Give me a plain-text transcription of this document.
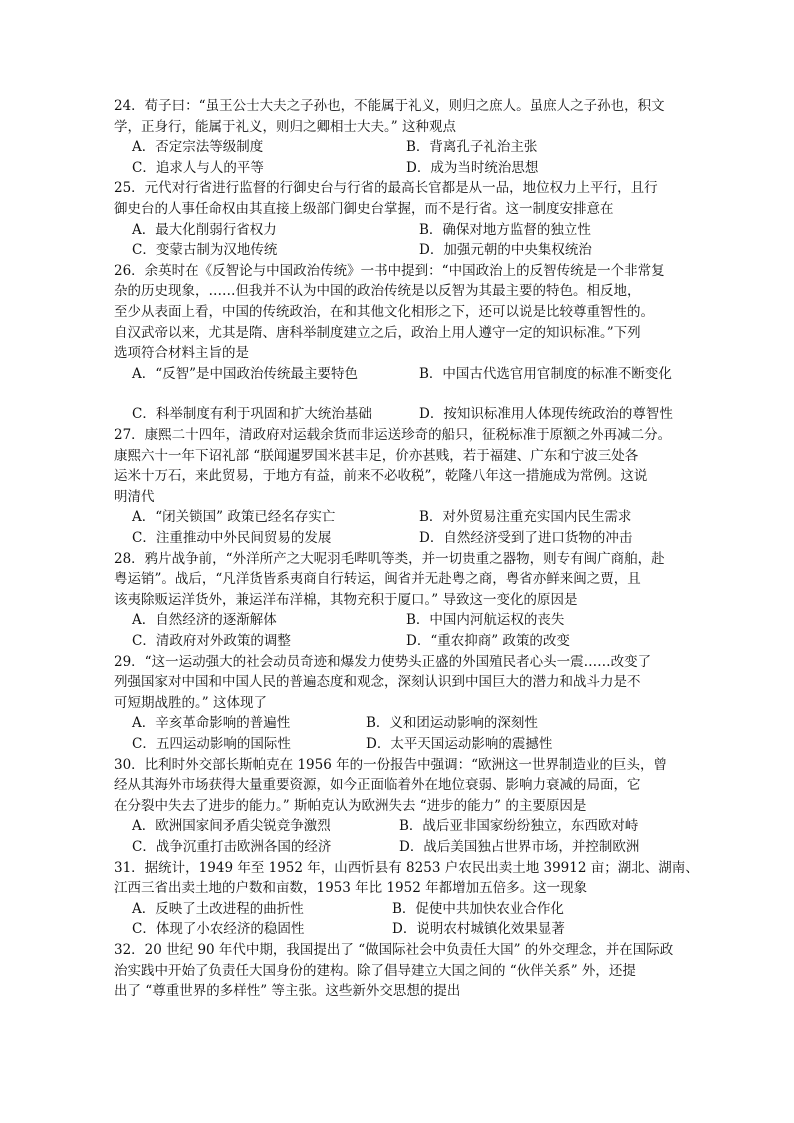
24．荀子曰：“虽王公士大夫之子孙也，不能属于礼义，则归之庶人。虽庶人之子孙也，积文
学，正身行，能属于礼义，则归之卿相士大夫。” 这种观点
A．否定宗法等级制度	B．背离孔子礼治主张
C．追求人与人的平等	D．成为当时统治思想
25．元代对行省进行监督的行御史台与行省的最高长官都是从一品，地位权力上平行，且行
御史台的人事任命权由其直接上级部门御史台掌握，而不是行省。这一制度安排意在
A．最大化削弱行省权力	B．确保对地方监督的独立性
C．变蒙古制为汉地传统	D．加强元朝的中央集权统治
26．余英时在《反智论与中国政治传统》一书中提到：“中国政治上的反智传统是一个非常复
杂的历史现象，……但我并不认为中国的政治传统是以反智为其最主要的特色。相反地，
至少从表面上看，中国的传统政治，在和其他文化相形之下，还可以说是比较尊重智性的。
自汉武帝以来，尤其是隋、唐科举制度建立之后，政治上用人遵守一定的知识标准。”下列
选项符合材料主旨的是
A．“反智”是中国政治传统最主要特色	B．中国古代选官用官制度的标准不断变化
C．科举制度有利于巩固和扩大统治基础	D．按知识标准用人体现传统政治的尊智性
27．康熙二十四年，清政府对运载余货而非运送珍奇的船只，征税标准于原额之外再减二分。
康熙六十一年下诏礼部 “朕闻暹罗国米甚丰足，价亦甚贱，若于福建、广东和宁波三处各
运米十万石，来此贸易，于地方有益，前来不必收税”，乾隆八年这一措施成为常例。这说
明清代
A．“闭关锁国” 政策已经名存实亡	B．对外贸易注重充实国内民生需求
C．注重推动中外民间贸易的发展	D．自然经济受到了进口货物的冲击
28．鸦片战争前，“外洋所产之大呢羽毛哔叽等类，并一切贵重之器物，则专有闽广商舶，赴
粤运销”。战后，“凡洋货皆系夷商自行转运，闽省并无赴粤之商，粤省亦鲜来闽之贾，且
该夷除贩运洋货外，兼运洋布洋棉，其物充积于厦口。” 导致这一变化的原因是
A．自然经济的逐渐解体	B．中国内河航运权的丧失
C．清政府对外政策的调整	D．“重农抑商” 政策的改变
29．“这一运动强大的社会动员奇迹和爆发力使势头正盛的外国殖民者心头一震……改变了
列强国家对中国和中国人民的普遍态度和观念，深刻认识到中国巨大的潜力和战斗力是不
可短期战胜的。” 这体现了
A．辛亥革命影响的普遍性	B．义和团运动影响的深刻性
C．五四运动影响的国际性	D．太平天国运动影响的震撼性
30．比利时外交部长斯帕克在 1956 年的一份报告中强调：“欧洲这一世界制造业的巨头，曾
经从其海外市场获得大量重要资源，如今正面临着外在地位衰弱、影响力衰减的局面，它
在分裂中失去了进步的能力。” 斯帕克认为欧洲失去 “进步的能力” 的主要原因是
A．欧洲国家间矛盾尖锐竞争激烈	B．战后亚非国家纷纷独立，东西欧对峙
C．战争沉重打击欧洲各国的经济	D．战后美国独占世界市场，并控制欧洲
31．据统计，1949 年至 1952 年，山西忻县有 8253 户农民出卖土地 39912 亩；湖北、湖南、
江西三省出卖土地的户数和亩数，1953 年比 1952 年都增加五倍多。这一现象
A．反映了土改进程的曲折性	B．促使中共加快农业合作化
C．体现了小农经济的稳固性	D．说明农村城镇化效果显著
32．20 世纪 90 年代中期，我国提出了 “做国际社会中负责任大国” 的外交理念，并在国际政
治实践中开始了负责任大国身份的建构。除了倡导建立大国之间的 “伙伴关系” 外，还提
出了 “尊重世界的多样性” 等主张。这些新外交思想的提出
